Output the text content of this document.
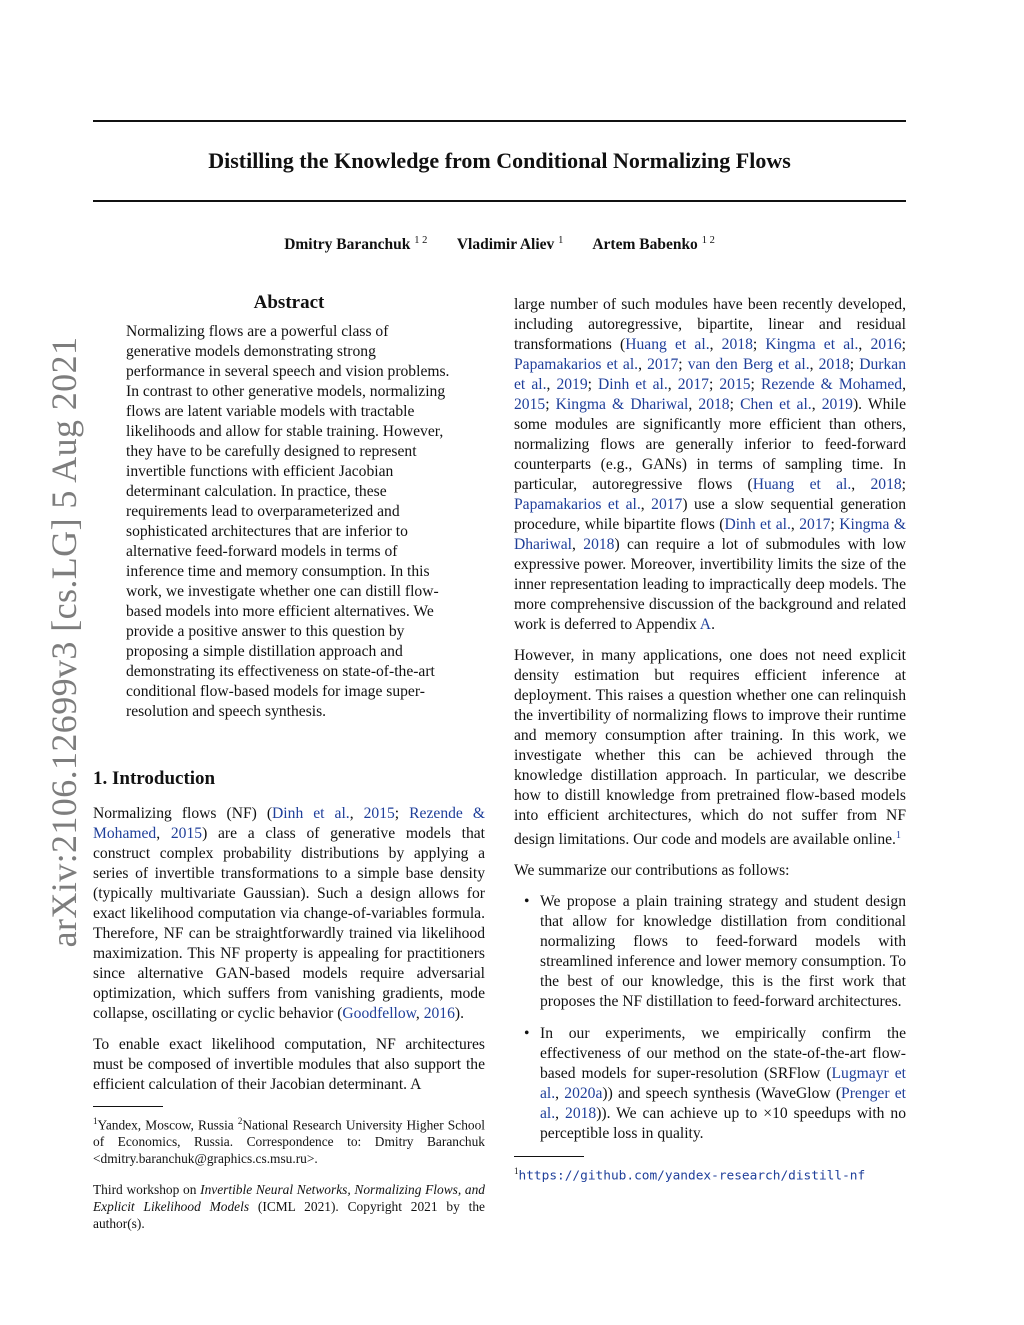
Distilling the Knowledge from Conditional Normalizing Flows
Dmitry Baranchuk $^{1 2}$ Vladimir Aliev $^1$ Artem Babenko $^{1 2}$
arXiv:2106.12699v3 [cs.LG] 5 Aug 2021
Abstract

Normalizing flows are a powerful class of generative models demonstrating strong performance in several speech and vision problems. In contrast to other generative models, normalizing flows are latent variable models with tractable likelihoods and allow for stable training. However, they have to be carefully designed to represent invertible functions with efficient Jacobian determinant calculation. In practice, these requirements lead to overparameterized and sophisticated architectures that are inferior to alternative feed-forward models in terms of inference time and memory consumption. In this work, we investigate whether one can distill flow-based models into more efficient alternatives. We provide a positive answer to this question by proposing a simple distillation approach and demonstrating its effectiveness on state-of-the-art conditional flow-based models for image super-resolution and speech synthesis.

1. Introduction

Normalizing flows (NF) (Dinh et al., 2015; Rezende & Mohamed, 2015) are a class of generative models that construct complex probability distributions by applying a series of invertible transformations to a simple base density (typically multivariate Gaussian). Such a design allows for exact likelihood computation via change-of-variables formula. Therefore, NF can be straightforwardly trained via likelihood maximization. This NF property is appealing for practitioners since alternative GAN-based models require adversarial optimization, which suffers from vanishing gradients, mode collapse, oscillating or cyclic behavior (Goodfellow, 2016).

To enable exact likelihood computation, NF architectures must be composed of invertible modules that also support the efficient calculation of their Jacobian determinant. A

$^1$Yandex, Moscow, Russia $^2$National Research University Higher School of Economics, Russia. Correspondence to: Dmitry Baranchuk <dmitry.baranchuk@graphics.cs.msu.ru>.
Third workshop on Invertible Neural Networks, Normalizing Flows, and Explicit Likelihood Models (ICML 2021). Copyright 2021 by the author(s).

large number of such modules have been recently developed, including autoregressive, bipartite, linear and residual transformations (Huang et al., 2018; Kingma et al., 2016; Papamakarios et al., 2017; van den Berg et al., 2018; Durkan et al., 2019; Dinh et al., 2017; 2015; Rezende & Mohamed, 2015; Kingma & Dhariwal, 2018; Chen et al., 2019). While some modules are significantly more efficient than others, normalizing flows are generally inferior to feed-forward counterparts (e.g., GANs) in terms of sampling time. In particular, autoregressive flows (Huang et al., 2018; Papamakarios et al., 2017) use a slow sequential generation procedure, while bipartite flows (Dinh et al., 2017; Kingma & Dhariwal, 2018) can require a lot of submodules with low expressive power. Moreover, invertibility limits the size of the inner representation leading to impractically deep models. The more comprehensive discussion of the background and related work is deferred to Appendix A.

However, in many applications, one does not need explicit density estimation but requires efficient inference at deployment. This raises a question whether one can relinquish the invertibility of normalizing flows to improve their runtime and memory consumption after training. In this work, we investigate whether this can be achieved through the knowledge distillation approach. In particular, we describe how to distill knowledge from pretrained flow-based models into efficient architectures, which do not suffer from NF design limitations. Our code and models are available online.$^1$

We summarize our contributions as follows:

• We propose a plain training strategy and student design that allow for knowledge distillation from conditional normalizing flows to feed-forward models with streamlined inference and lower memory consumption. To the best of our knowledge, this is the first work that proposes the NF distillation to feed-forward architectures.
• In our experiments, we empirically confirm the effectiveness of our method on the state-of-the-art flow-based models for super-resolution (SRFlow (Lugmayr et al., 2020a)) and speech synthesis (WaveGlow (Prenger et al., 2018)). We can achieve up to ×10 speedups with no perceptible loss in quality.
$^1$https://github.com/yandex-research/distill-nf
